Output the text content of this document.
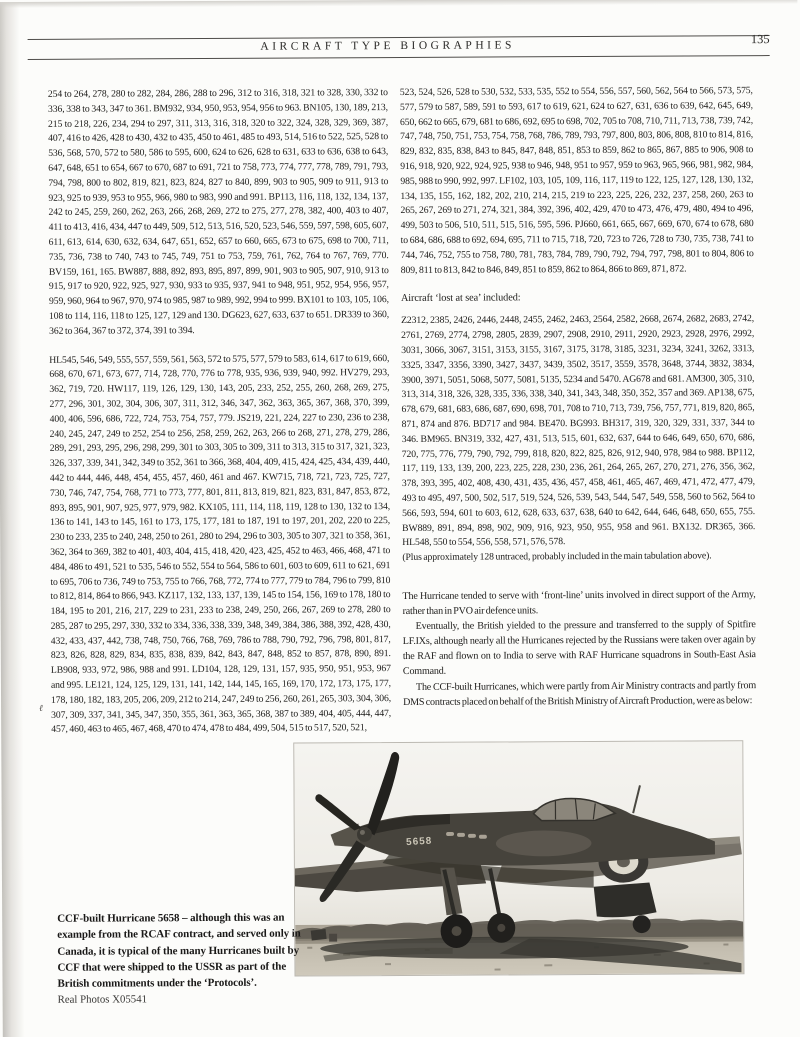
AIRCRAFT TYPE BIOGRAPHIES	135
254 to 264, 278, 280 to 282, 284, 286, 288 to 296, 312 to 316, 318, 321 to 328, 330, 332 to 336, 338 to 343, 347 to 361. BM932, 934, 950, 953, 954, 956 to 963. BN105, 130, 189, 213, 215 to 218, 226, 234, 294 to 297, 311, 313, 316, 318, 320 to 322, 324, 328, 329, 369, 387, 407, 416 to 426, 428 to 430, 432 to 435, 450 to 461, 485 to 493, 514, 516 to 522, 525, 528 to 536, 568, 570, 572 to 580, 586 to 595, 600, 624 to 626, 628 to 631, 633 to 636, 638 to 643, 647, 648, 651 to 654, 667 to 670, 687 to 691, 721 to 758, 773, 774, 777, 778, 789, 791, 793, 794, 798, 800 to 802, 819, 821, 823, 824, 827 to 840, 899, 903 to 905, 909 to 911, 913 to 923, 925 to 939, 953 to 955, 966, 980 to 983, 990 and 991. BP113, 116, 118, 132, 134, 137, 242 to 245, 259, 260, 262, 263, 266, 268, 269, 272 to 275, 277, 278, 382, 400, 403 to 407, 411 to 413, 416, 434, 447 to 449, 509, 512, 513, 516, 520, 523, 546, 559, 597, 598, 605, 607, 611, 613, 614, 630, 632, 634, 647, 651, 652, 657 to 660, 665, 673 to 675, 698 to 700, 711, 735, 736, 738 to 740, 743 to 745, 749, 751 to 753, 759, 761, 762, 764 to 767, 769, 770. BV159, 161, 165. BW887, 888, 892, 893, 895, 897, 899, 901, 903 to 905, 907, 910, 913 to 915, 917 to 920, 922, 925, 927, 930, 933 to 935, 937, 941 to 948, 951, 952, 954, 956, 957, 959, 960, 964 to 967, 970, 974 to 985, 987 to 989, 992, 994 to 999. BX101 to 103, 105, 106, 108 to 114, 116, 118 to 125, 127, 129 and 130. DG623, 627, 633, 637 to 651. DR339 to 360, 362 to 364, 367 to 372, 374, 391 to 394.
HL545, 546, 549, 555, 557, 559, 561, 563, 572 to 575, 577, 579 to 583, 614, 617 to 619, 660, 668, 670, 671, 673, 677, 714, 728, 770, 776 to 778, 935, 936, 939, 940, 992. HV279, 293, 362, 719, 720. HW117, 119, 126, 129, 130, 143, 205, 233, 252, 255, 260, 268, 269, 275, 277, 296, 301, 302, 304, 306, 307, 311, 312, 346, 347, 362, 363, 365, 367, 368, 370, 399, 400, 406, 596, 686, 722, 724, 753, 754, 757, 779. JS219, 221, 224, 227 to 230, 236 to 238, 240, 245, 247, 249 to 252, 254 to 256, 258, 259, 262, 263, 266 to 268, 271, 278, 279, 286, 289, 291, 293, 295, 296, 298, 299, 301 to 303, 305 to 309, 311 to 313, 315 to 317, 321, 323, 326, 337, 339, 341, 342, 349 to 352, 361 to 366, 368, 404, 409, 415, 424, 425, 434, 439, 440, 442 to 444, 446, 448, 454, 455, 457, 460, 461 and 467. KW715, 718, 721, 723, 725, 727, 730, 746, 747, 754, 768, 771 to 773, 777, 801, 811, 813, 819, 821, 823, 831, 847, 853, 872, 893, 895, 901, 907, 925, 977, 979, 982. KX105, 111, 114, 118, 119, 128 to 130, 132 to 134, 136 to 141, 143 to 145, 161 to 173, 175, 177, 181 to 187, 191 to 197, 201, 202, 220 to 225, 230 to 233, 235 to 240, 248, 250 to 261, 280 to 294, 296 to 303, 305 to 307, 321 to 358, 361, 362, 364 to 369, 382 to 401, 403, 404, 415, 418, 420, 423, 425, 452 to 463, 466, 468, 471 to 484, 486 to 491, 521 to 535, 546 to 552, 554 to 564, 586 to 601, 603 to 609, 611 to 621, 691 to 695, 706 to 736, 749 to 753, 755 to 766, 768, 772, 774 to 777, 779 to 784, 796 to 799, 810 to 812, 814, 864 to 866, 943. KZ117, 132, 133, 137, 139, 145 to 154, 156, 169 to 178, 180 to 184, 195 to 201, 216, 217, 229 to 231, 233 to 238, 249, 250, 266, 267, 269 to 278, 280 to 285, 287 to 295, 297, 330, 332 to 334, 336, 338, 339, 348, 349, 384, 386, 388, 392, 428, 430, 432, 433, 437, 442, 738, 748, 750, 766, 768, 769, 786 to 788, 790, 792, 796, 798, 801, 817, 823, 826, 828, 829, 834, 835, 838, 839, 842, 843, 847, 848, 852 to 857, 878, 890, 891. LB908, 933, 972, 986, 988 and 991. LD104, 128, 129, 131, 157, 935, 950, 951, 953, 967 and 995. LE121, 124, 125, 129, 131, 141, 142, 144, 145, 165, 169, 170, 172, 173, 175, 177, 178, 180, 182, 183, 205, 206, 209, 212 to 214, 247, 249 to 256, 260, 261, 265, 303, 304, 306, 307, 309, 337, 341, 345, 347, 350, 355, 361, 363, 365, 368, 387 to 389, 404, 405, 444, 447, 457, 460, 463 to 465, 467, 468, 470 to 474, 478 to 484, 499, 504, 515 to 517, 520, 521,
523, 524, 526, 528 to 530, 532, 533, 535, 552 to 554, 556, 557, 560, 562, 564 to 566, 573, 575, 577, 579 to 587, 589, 591 to 593, 617 to 619, 621, 624 to 627, 631, 636 to 639, 642, 645, 649, 650, 662 to 665, 679, 681 to 686, 692, 695 to 698, 702, 705 to 708, 710, 711, 713, 738, 739, 742, 747, 748, 750, 751, 753, 754, 758, 768, 786, 789, 793, 797, 800, 803, 806, 808, 810 to 814, 816, 829, 832, 835, 838, 843 to 845, 847, 848, 851, 853 to 859, 862 to 865, 867, 885 to 906, 908 to 916, 918, 920, 922, 924, 925, 938 to 946, 948, 951 to 957, 959 to 963, 965, 966, 981, 982, 984, 985, 988 to 990, 992, 997. LF102, 103, 105, 109, 116, 117, 119 to 122, 125, 127, 128, 130, 132, 134, 135, 155, 162, 182, 202, 210, 214, 215, 219 to 223, 225, 226, 232, 237, 258, 260, 263 to 265, 267, 269 to 271, 274, 321, 384, 392, 396, 402, 429, 470 to 473, 476, 479, 480, 494 to 496, 499, 503 to 506, 510, 511, 515, 516, 595, 596. PJ660, 661, 665, 667, 669, 670, 674 to 678, 680 to 684, 686, 688 to 692, 694, 695, 711 to 715, 718, 720, 723 to 726, 728 to 730, 735, 738, 741 to 744, 746, 752, 755 to 758, 780, 781, 783, 784, 789, 790, 792, 794, 797, 798, 801 to 804, 806 to 809, 811 to 813, 842 to 846, 849, 851 to 859, 862 to 864, 866 to 869, 871, 872.
Aircraft ‘lost at sea’ included:
Z2312, 2385, 2426, 2446, 2448, 2455, 2462, 2463, 2564, 2582, 2668, 2674, 2682, 2683, 2742, 2761, 2769, 2774, 2798, 2805, 2839, 2907, 2908, 2910, 2911, 2920, 2923, 2928, 2976, 2992, 3031, 3066, 3067, 3151, 3153, 3155, 3167, 3175, 3178, 3185, 3231, 3234, 3241, 3262, 3313, 3325, 3347, 3356, 3390, 3427, 3437, 3439, 3502, 3517, 3559, 3578, 3648, 3744, 3832, 3834, 3900, 3971, 5051, 5068, 5077, 5081, 5135, 5234 and 5470. AG678 and 681. AM300, 305, 310, 313, 314, 318, 326, 328, 335, 336, 338, 340, 341, 343, 348, 350, 352, 357 and 369. AP138, 675, 678, 679, 681, 683, 686, 687, 690, 698, 701, 708 to 710, 713, 739, 756, 757, 771, 819, 820, 865, 871, 874 and 876. BD717 and 984. BE470. BG993. BH317, 319, 320, 329, 331, 337, 344 to 346. BM965. BN319, 332, 427, 431, 513, 515, 601, 632, 637, 644 to 646, 649, 650, 670, 686, 720, 775, 776, 779, 790, 792, 799, 818, 820, 822, 825, 826, 912, 940, 978, 984 to 988. BP112, 117, 119, 133, 139, 200, 223, 225, 228, 230, 236, 261, 264, 265, 267, 270, 271, 276, 356, 362, 378, 393, 395, 402, 408, 430, 431, 435, 436, 457, 458, 461, 465, 467, 469, 471, 472, 477, 479, 493 to 495, 497, 500, 502, 517, 519, 524, 526, 539, 543, 544, 547, 549, 558, 560 to 562, 564 to 566, 593, 594, 601 to 603, 612, 628, 633, 637, 638, 640 to 642, 644, 646, 648, 650, 655, 755. BW889, 891, 894, 898, 902, 909, 916, 923, 950, 955, 958 and 961. BX132. DR365, 366. HL548, 550 to 554, 556, 558, 571, 576, 578.
(Plus approximately 128 untraced, probably included in the main tabulation above).
The Hurricane tended to serve with ‘front-line’ units involved in direct support of the Army, rather than in PVO air defence units.
Eventually, the British yielded to the pressure and transferred to the supply of Spitfire LF.IXs, although nearly all the Hurricanes rejected by the Russians were taken over again by the RAF and flown on to India to serve with RAF Hurricane squadrons in South-East Asia Command.
The CCF-built Hurricanes, which were partly from Air Ministry contracts and partly from DMS contracts placed on behalf of the British Ministry of Aircraft Production, were as below:
ℓ
5658
CCF-built Hurricane 5658 – although this was an example from the RCAF contract, and served only in Canada, it is typical of the many Hurricanes built by CCF that were shipped to the USSR as part of the British commitments under the ‘Protocols’.
Real Photos X05541
